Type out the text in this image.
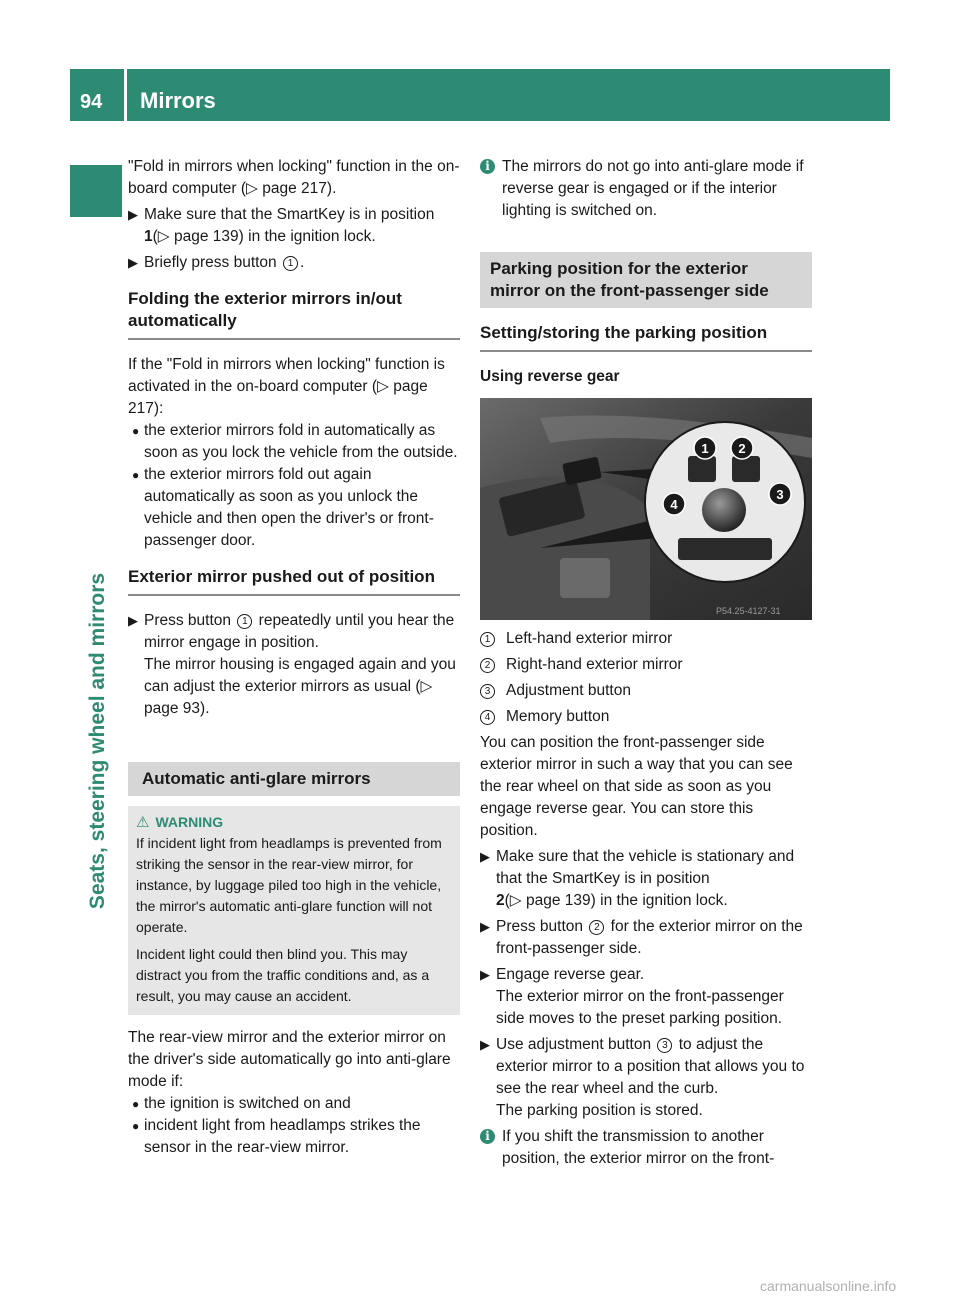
94 Mirrors
Seats, steering wheel and mirrors

"Fold in mirrors when locking" function in the on-board computer (▷ page 217).

▶ Make sure that the SmartKey is in position
1(▷ page 139) in the ignition lock.

▶ Briefly press button 1 .

Folding the exterior mirrors in/out automatically

If the "Fold in mirrors when locking" function is activated in the on-board computer (▷ page 217):

● the exterior mirrors fold in automatically as soon as you lock the vehicle from the outside.

● the exterior mirrors fold out again automatically as soon as you unlock the vehicle and then open the driver's or front-passenger door.

Exterior mirror pushed out of position

▶ Press button 1 repeatedly until you hear the mirror engage in position.
The mirror housing is engaged again and you can adjust the exterior mirrors as usual (▷ page 93).

Automatic anti-glare mirrors

⚠ WARNING

If incident light from headlamps is prevented from striking the sensor in the rear-view mirror, for instance, by luggage piled too high in the vehicle, the mirror's automatic anti-glare function will not operate.

Incident light could then blind you. This may distract you from the traffic conditions and, as a result, you may cause an accident.

The rear-view mirror and the exterior mirror on the driver's side automatically go into anti-glare mode if:

● the ignition is switched on and

● incident light from headlamps strikes the sensor in the rear-view mirror.

i The mirrors do not go into anti-glare mode if reverse gear is engaged or if the interior lighting is switched on.

Parking position for the exterior mirror on the front-passenger side

Setting/storing the parking position

Using reverse gear

1 2
3
4
P54.25-4127-31

1	Left-hand exterior mirror

2	Right-hand exterior mirror

3	Adjustment button

4	Memory button

You can position the front-passenger side exterior mirror in such a way that you can see the rear wheel on that side as soon as you engage reverse gear. You can store this position.

▶ Make sure that the vehicle is stationary and that the SmartKey is in position
2(▷ page 139) in the ignition lock.

▶ Press button 2 for the exterior mirror on the front-passenger side.

▶ Engage reverse gear.
The exterior mirror on the front-passenger side moves to the preset parking position.

▶ Use adjustment button 3 to adjust the exterior mirror to a position that allows you to see the rear wheel and the curb.
The parking position is stored.

i If you shift the transmission to another position, the exterior mirror on the front-

carmanualsonline.info
